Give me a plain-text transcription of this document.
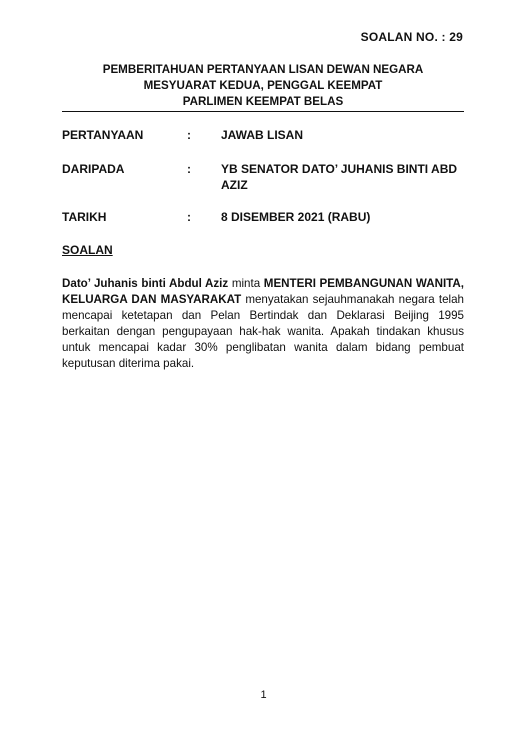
SOALAN NO. : 29
PEMBERITAHUAN PERTANYAAN LISAN DEWAN NEGARA
MESYUARAT KEDUA, PENGGAL KEEMPAT
PARLIMEN KEEMPAT BELAS
PERTANYAAN	:	JAWAB LISAN
DARIPADA	:	YB SENATOR DATO’ JUHANIS BINTI ABD AZIZ
TARIKH	:	8 DISEMBER 2021 (RABU)
SOALAN
Dato’ Juhanis binti Abdul Aziz minta MENTERI PEMBANGUNAN WANITA, KELUARGA DAN MASYARAKAT menyatakan sejauhmanakah negara telah mencapai ketetapan dan Pelan Bertindak dan Deklarasi Beijing 1995 berkaitan dengan pengupayaan hak-hak wanita. Apakah tindakan khusus untuk mencapai kadar 30% penglibatan wanita dalam bidang pembuat keputusan diterima pakai.
1
